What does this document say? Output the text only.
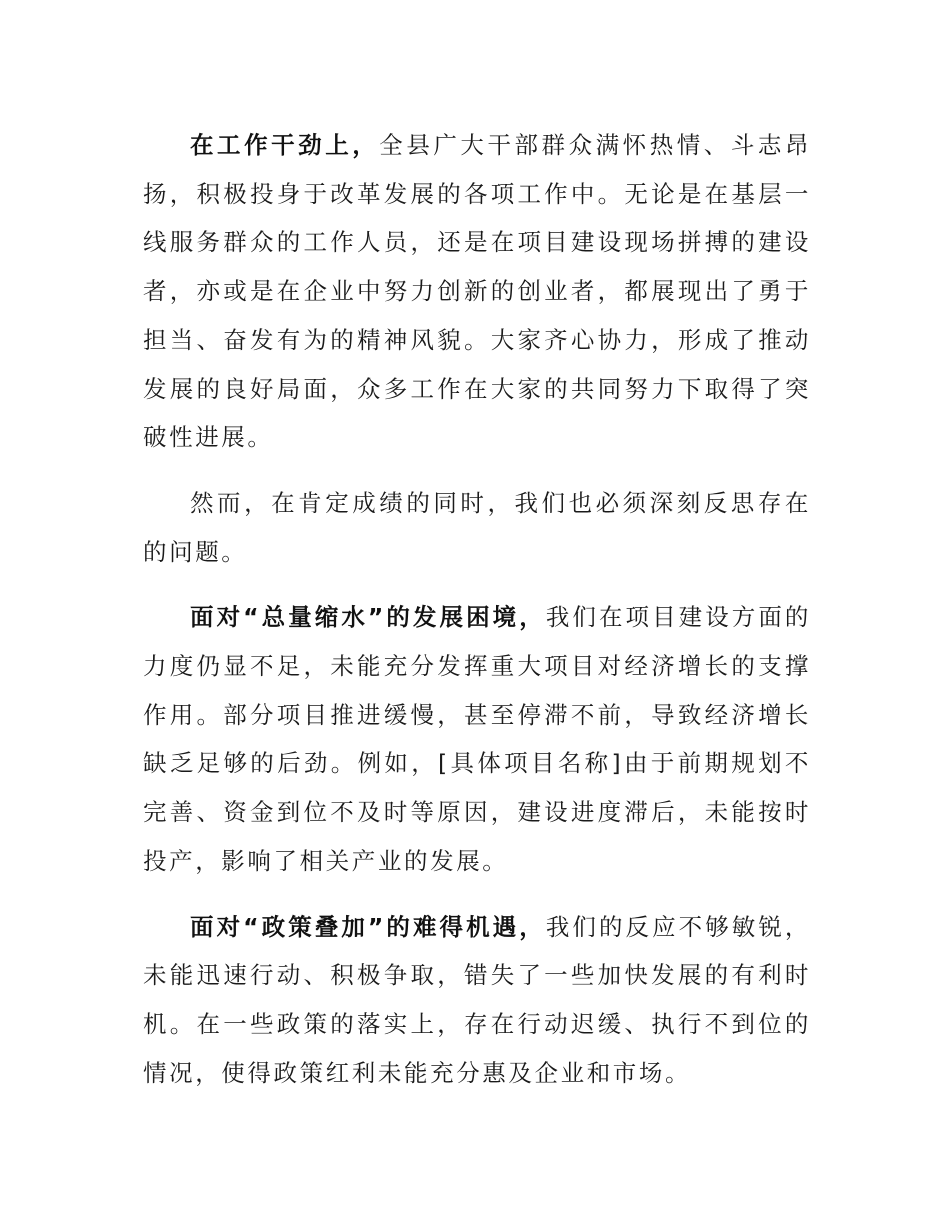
在工作干劲上，全县广大干部群众满怀热情、斗志昂扬，积极投身于改革发展的各项工作中。无论是在基层一线服务群众的工作人员，还是在项目建设现场拼搏的建设者，亦或是在企业中努力创新的创业者，都展现出了勇于担当、奋发有为的精神风貌。大家齐心协力，形成了推动发展的良好局面，众多工作在大家的共同努力下取得了突破性进展。

然而，在肯定成绩的同时，我们也必须深刻反思存在的问题。

面对“总量缩水”的发展困境，我们在项目建设方面的力度仍显不足，未能充分发挥重大项目对经济增长的支撑作用。部分项目推进缓慢，甚至停滞不前，导致经济增长缺乏足够的后劲。例如，[具体项目名称]由于前期规划不完善、资金到位不及时等原因，建设进度滞后，未能按时投产，影响了相关产业的发展。

面对“政策叠加”的难得机遇，我们的反应不够敏锐，未能迅速行动、积极争取，错失了一些加快发展的有利时机。在一些政策的落实上，存在行动迟缓、执行不到位的情况，使得政策红利未能充分惠及企业和市场。
